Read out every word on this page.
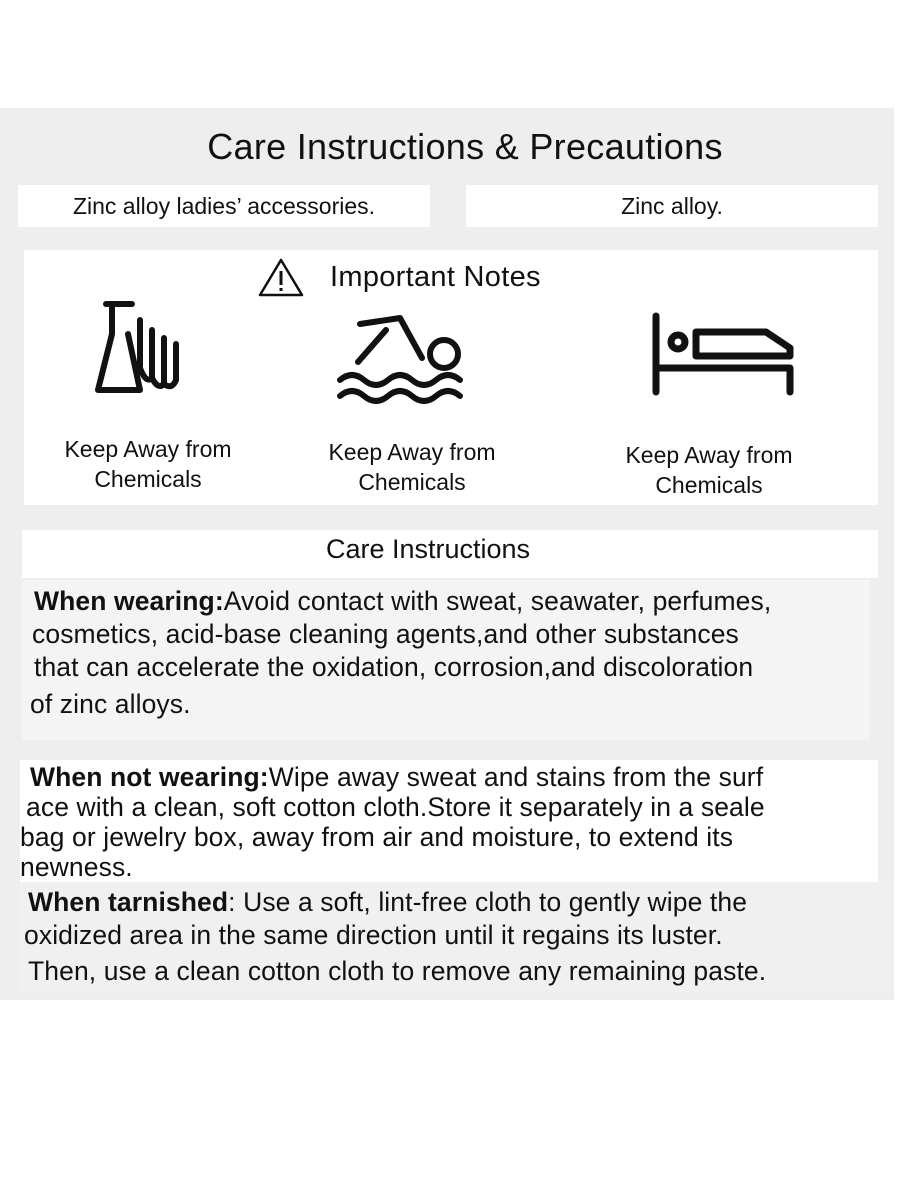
Care Instructions & Precautions
Zinc alloy ladies’ accessories.	Zinc alloy.
Important Notes
Keep Away from
Chemicals
Keep Away from
Chemicals
Keep Away from
Chemicals
Care Instructions
When wearing:Avoid contact with sweat, seawater, perfumes,
cosmetics, acid-base cleaning agents,and other substances
that can accelerate the oxidation, corrosion,and discoloration
of zinc alloys.
When not wearing:Wipe away sweat and stains from the surf
ace with a clean, soft cotton cloth.Store it separately in a seale
bag or jewelry box, away from air and moisture, to extend its
newness.
When tarnished: Use a soft, lint-free cloth to gently wipe the
oxidized area in the same direction until it regains its luster.
Then, use a clean cotton cloth to remove any remaining paste.
